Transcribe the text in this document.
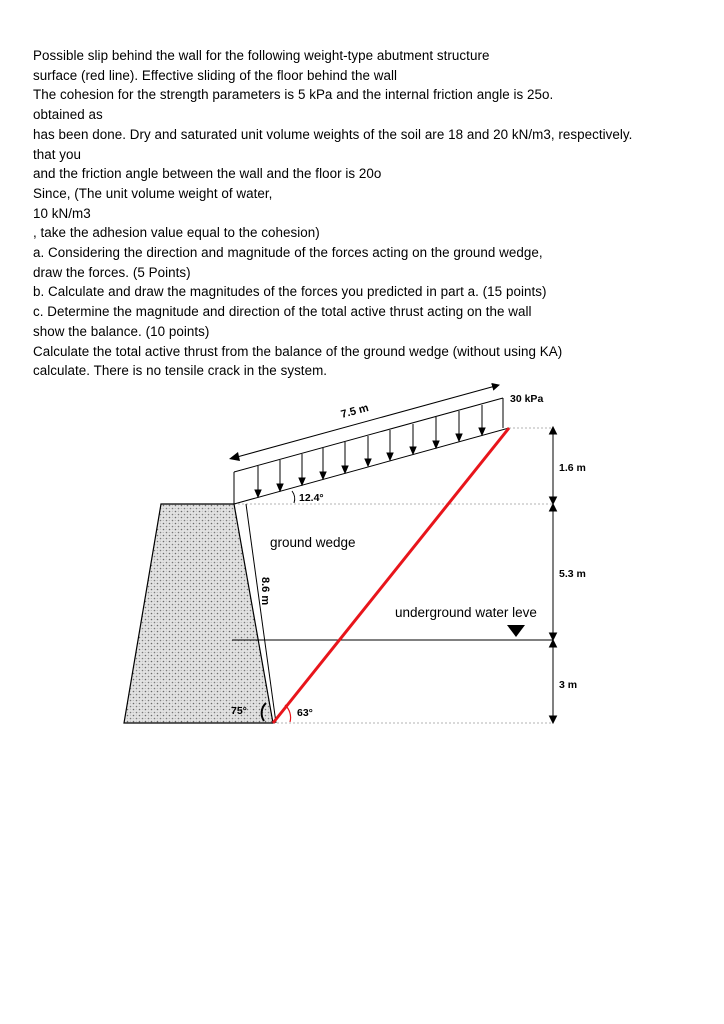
Possible slip behind the wall for the following weight-type abutment structure
surface (red line). Effective sliding of the floor behind the wall
The cohesion for the strength parameters is 5 kPa and the internal friction angle is 25o.
obtained as
has been done. Dry and saturated unit volume weights of the soil are 18 and 20 kN/m3, respectively.
that you
and the friction angle between the wall and the floor is 20o
Since, (The unit volume weight of water,
10 kN/m3
, take the adhesion value equal to the cohesion)
a. Considering the direction and magnitude of the forces acting on the ground wedge,
draw the forces. (5 Points)
b. Calculate and draw the magnitudes of the forces you predicted in part a. (15 points)
c. Determine the magnitude and direction of the total active thrust acting on the wall
show the balance. (10 points)
Calculate the total active thrust from the balance of the ground wedge (without using KA)
calculate. There is no tensile crack in the system.
30 kPa
7.5 m
12.4°
ground wedge
8.6 m
75°	63°
underground water leve
1.6 m
5.3 m
3 m
